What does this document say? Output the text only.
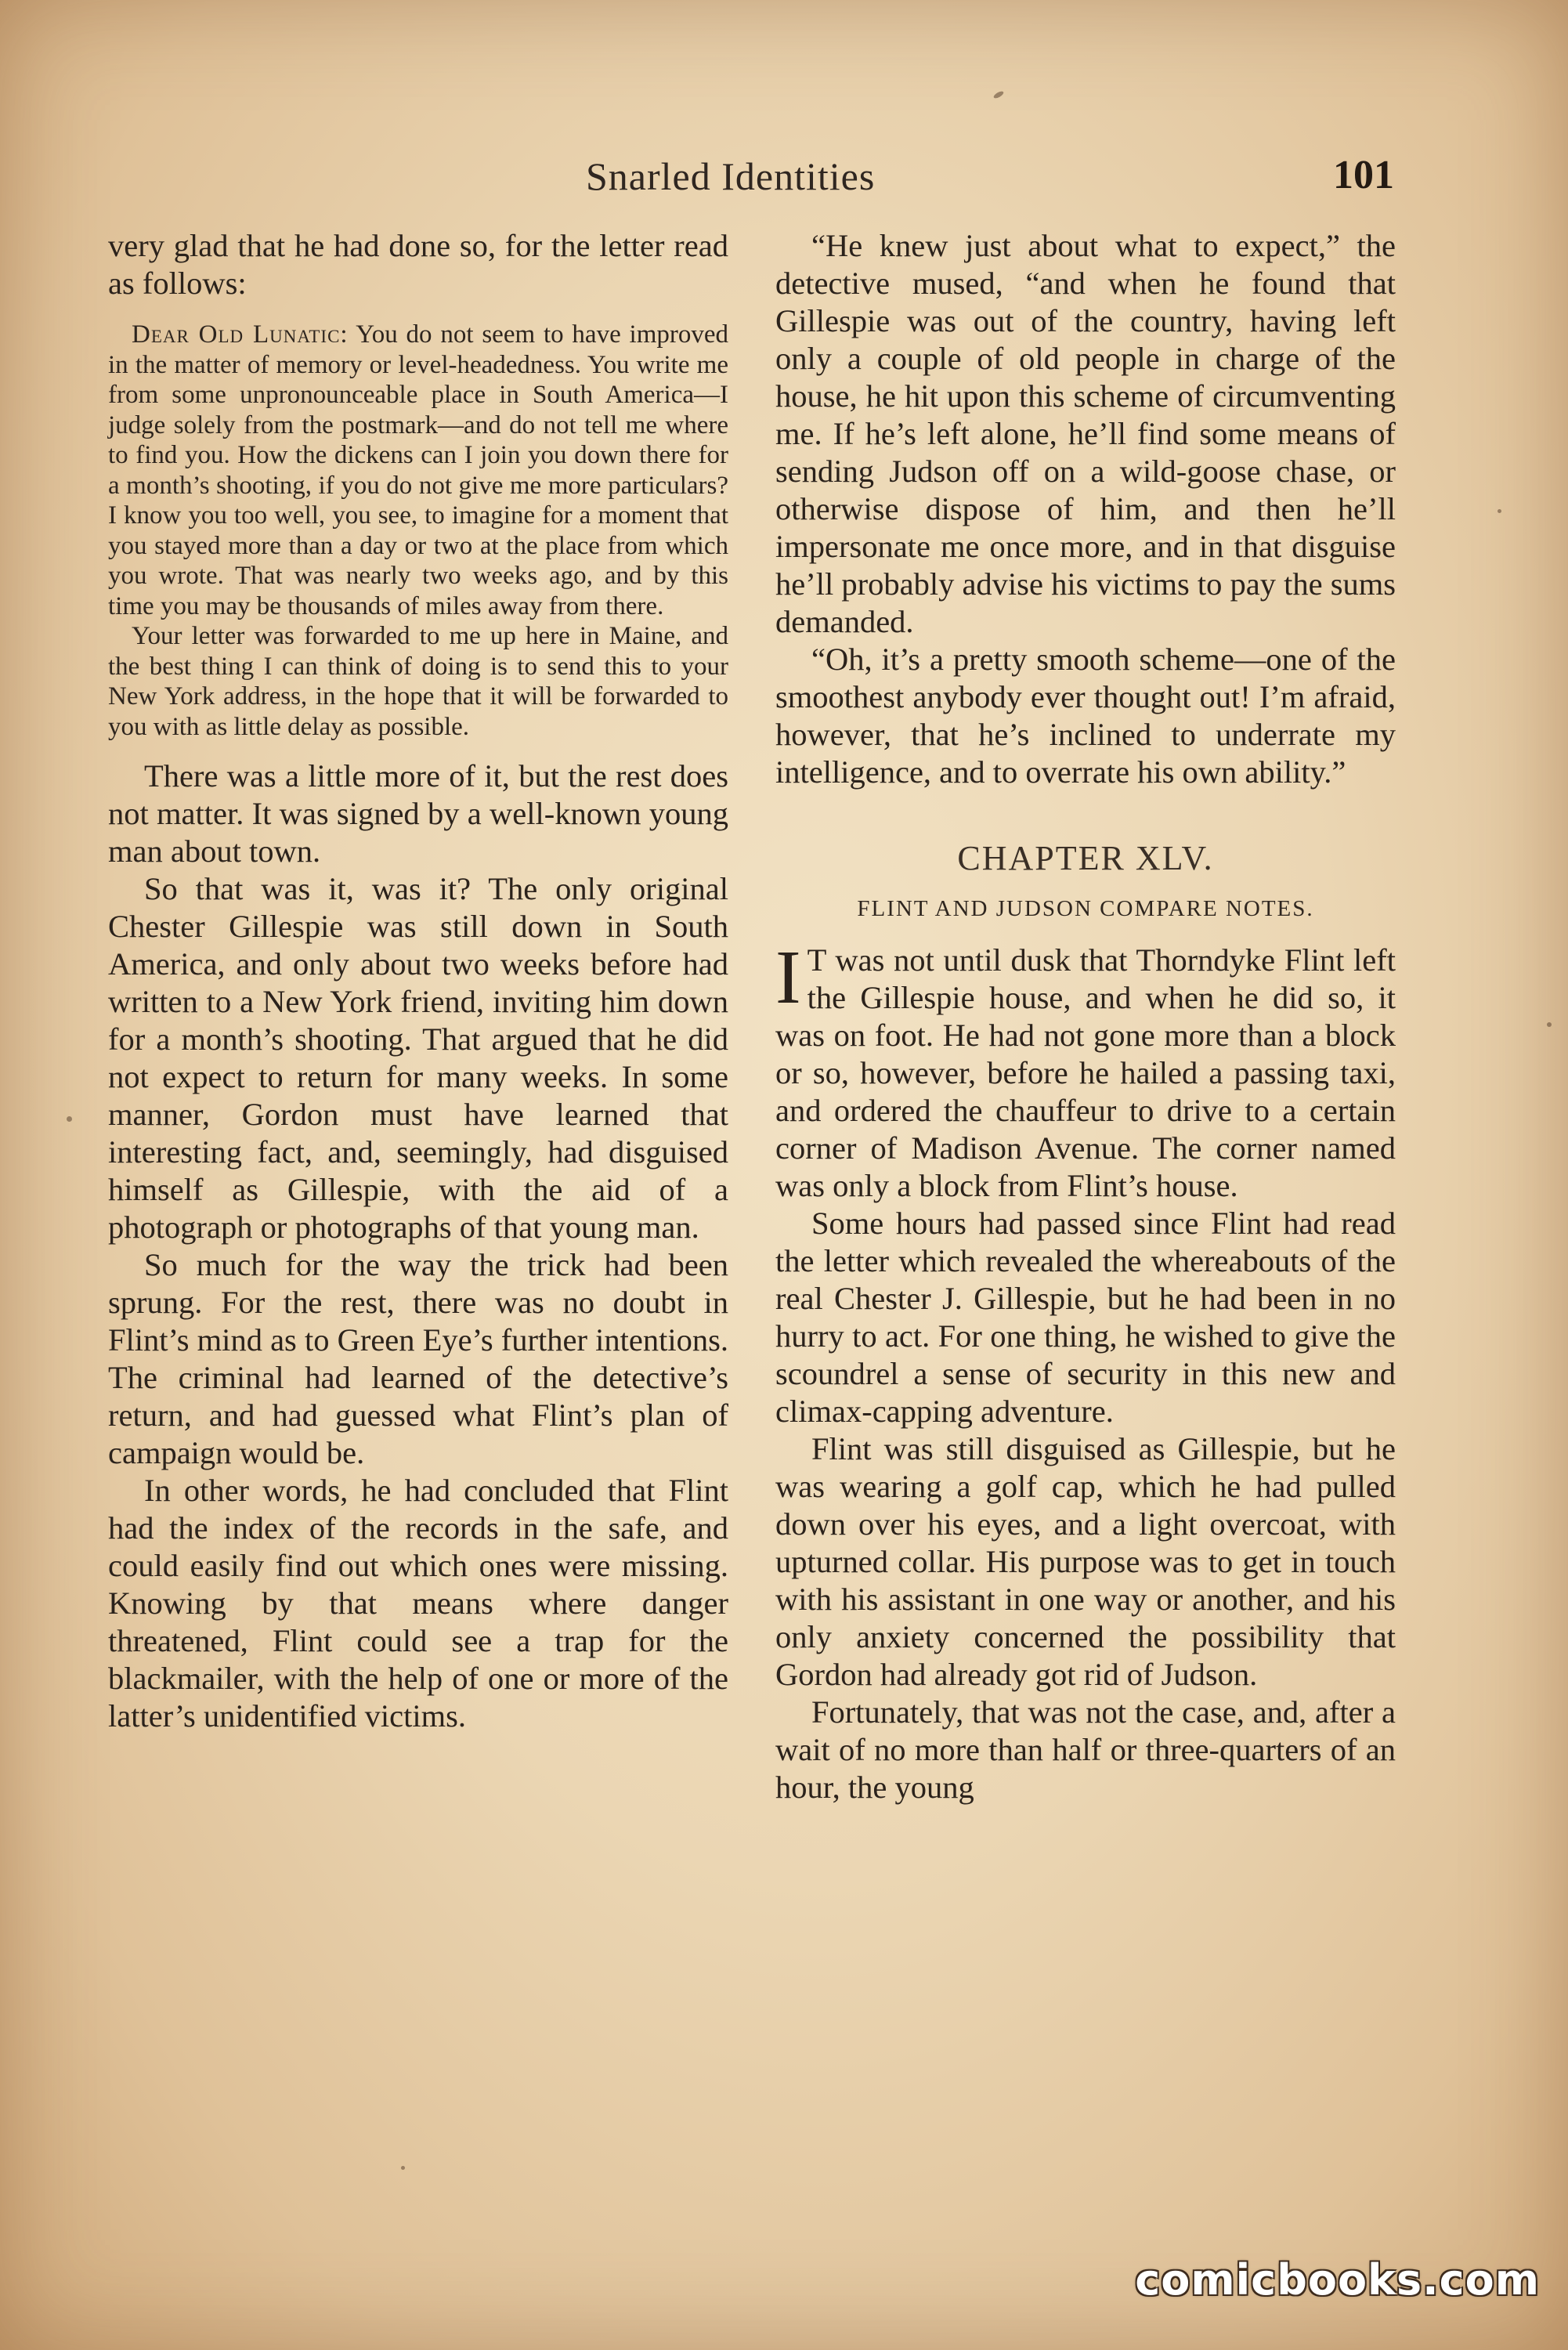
Snarled Identities	101

very glad that he had done so, for the letter read as follows:

Dear Old Lunatic: You do not seem to have improved in the matter of memory or level-headedness. You write me from some unpronounceable place in South America—I judge solely from the postmark—and do not tell me where to find you. How the dickens can I join you down there for a month’s shooting, if you do not give me more particulars? I know you too well, you see, to imagine for a moment that you stayed more than a day or two at the place from which you wrote. That was nearly two weeks ago, and by this time you may be thousands of miles away from there.

Your letter was forwarded to me up here in Maine, and the best thing I can think of doing is to send this to your New York address, in the hope that it will be forwarded to you with as little delay as possible.

There was a little more of it, but the rest does not matter. It was signed by a well-known young man about town.

So that was it, was it? The only original Chester Gillespie was still down in South America, and only about two weeks before had written to a New York friend, inviting him down for a month’s shooting. That argued that he did not expect to return for many weeks. In some manner, Gordon must have learned that interesting fact, and, seemingly, had disguised himself as Gillespie, with the aid of a photograph or photographs of that young man.

So much for the way the trick had been sprung. For the rest, there was no doubt in Flint’s mind as to Green Eye’s further intentions. The criminal had learned of the detective’s return, and had guessed what Flint’s plan of campaign would be.

In other words, he had concluded that Flint had the index of the records in the safe, and could easily find out which ones were missing. Knowing by that means where danger threatened, Flint could see a trap for the blackmailer, with the help of one or more of the latter’s unidentified victims.

“He knew just about what to expect,” the detective mused, “and when he found that Gillespie was out of the country, having left only a couple of old people in charge of the house, he hit upon this scheme of circumventing me. If he’s left alone, he’ll find some means of sending Judson off on a wild-goose chase, or otherwise dispose of him, and then he’ll impersonate me once more, and in that disguise he’ll probably advise his victims to pay the sums demanded.

“Oh, it’s a pretty smooth scheme—one of the smoothest anybody ever thought out! I’m afraid, however, that he’s inclined to underrate my intelligence, and to overrate his own ability.”

CHAPTER XLV.
FLINT AND JUDSON COMPARE NOTES.

I T was not until dusk that Thorndyke Flint left the Gillespie house, and when he did so, it was on foot. He had not gone more than a block or so, however, before he hailed a passing taxi, and ordered the chauffeur to drive to a certain corner of Madison Avenue. The corner named was only a block from Flint’s house.

Some hours had passed since Flint had read the letter which revealed the whereabouts of the real Chester J. Gillespie, but he had been in no hurry to act. For one thing, he wished to give the scoundrel a sense of security in this new and climax-capping adventure.

Flint was still disguised as Gillespie, but he was wearing a golf cap, which he had pulled down over his eyes, and a light overcoat, with upturned collar. His purpose was to get in touch with his assistant in one way or another, and his only anxiety concerned the possibility that Gordon had already got rid of Judson.

Fortunately, that was not the case, and, after a wait of no more than half or three-quarters of an hour, the young

comicbooks.com
